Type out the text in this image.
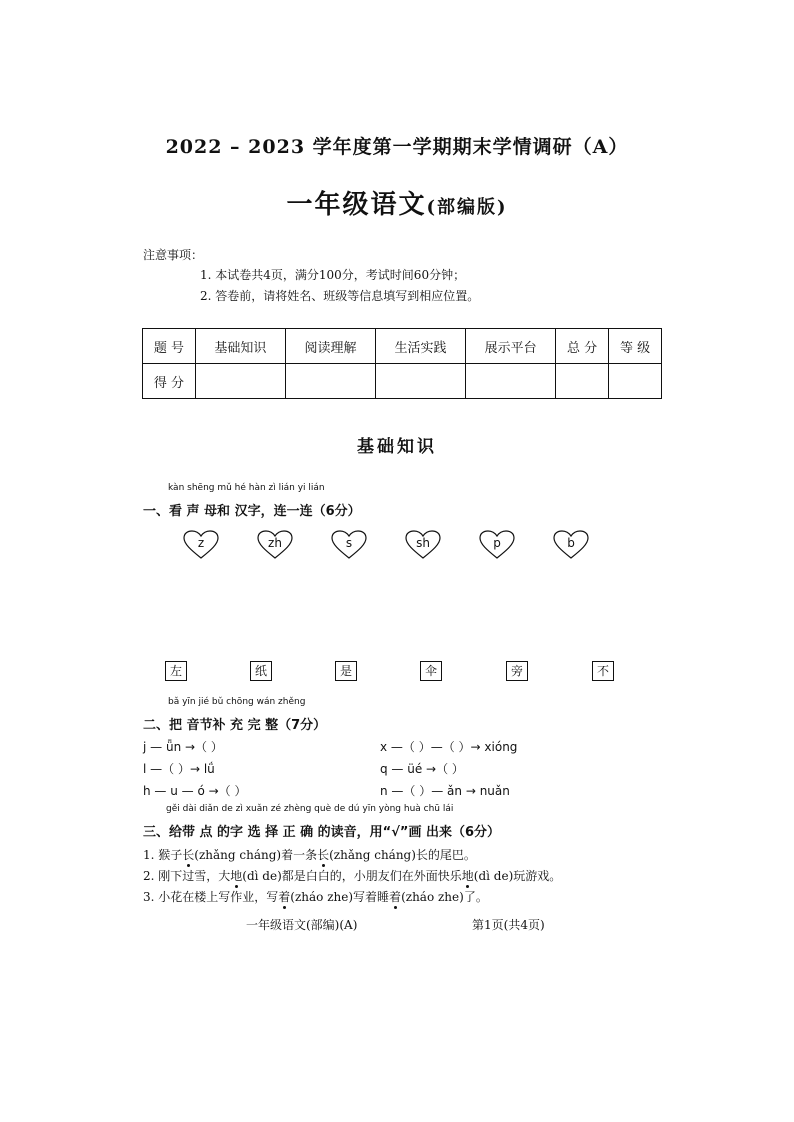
2022 – 2023 学年度第一学期期末学情调研（A）
一年级语文(部编版)
注意事项：
1. 本试卷共4页，满分100分，考试时间60分钟；
2. 答卷前，请将姓名、班级等信息填写到相应位置。
题 号	基础知识	阅读理解	生活实践	展示平台	总 分	等 级
得 分						
基础知识
kàn shēng mǔ hé hàn zì lián yi lián
一、看 声 母和 汉字，连一连（6分）
z	zh	s	sh	p	b
左	纸	是	伞	旁	不
bǎ yīn jié bǔ chōng wán zhěng
二、把 音节补 充 完 整（7分）
j — ǖn →（ ）	x —（ ）—（ ）→ xióng
l —（ ）→ lǘ	q — üé →（ ）
h — u — ó →（ ）	n —（ ）— ǎn → nuǎn
gěi dài diǎn de zì xuǎn zé zhèng què de dú yīn yòng huà chū lái
三、给带 点 的字 选 择 正 确 的读音，用“√”画 出来（6分）
1. 猴子长(zhǎng cháng)着一条长(zhǎng cháng)长的尾巴。
2. 刚下过雪，大地(dì de)都是白白的，小朋友们在外面快乐地(dì de)玩游戏。
3. 小花在楼上写作业，写着(zháo zhe)写着睡着(zháo zhe)了。
一年级语文(部编)(A)	第1页(共4页)
